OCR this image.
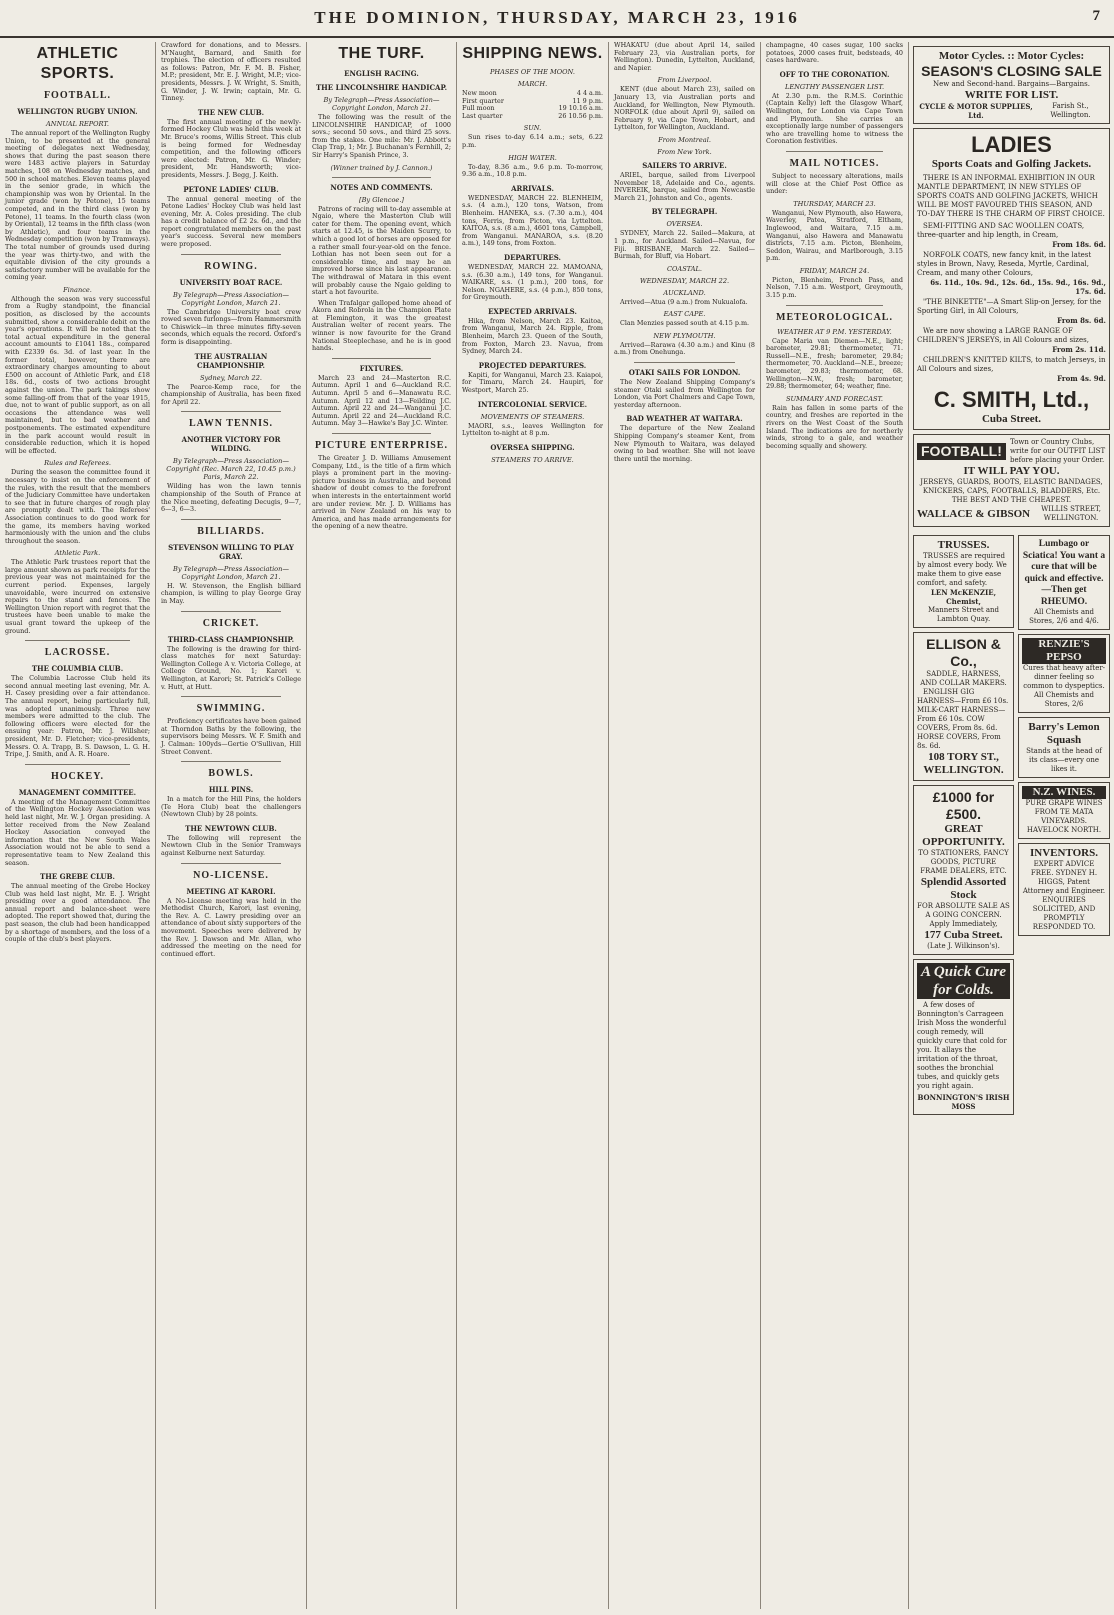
THE DOMINION, THURSDAY, MARCH 23, 1916	7
ATHLETIC SPORTS.
FOOTBALL.
WELLINGTON RUGBY UNION.
ANNUAL REPORT.

The annual report of the Wellington Rugby Union, to be presented at the general meeting of delegates next Wednesday, shows that during the past season there were 1483 active players in Saturday matches, 108 on Wednesday matches, and 500 in school matches. Eleven teams played in the senior grade, in which the championship was won by Oriental. In the junior grade (won by Petone), 15 teams competed, and in the third class (won by Petone), 11 teams. In the fourth class (won by Oriental), 12 teams in the fifth class (won by Athletic), and four teams in the Wednesday competition (won by Tramways). The total number of grounds used during the year was thirty-two, and with the equitable division of the city grounds a satisfactory number will be available for the coming year.

Finance.

Although the season was very successful from a Rugby standpoint, the financial position, as disclosed by the accounts submitted, show a considerable debit on the year's operations. It will be noted that the total actual expenditure in the general account amounts to £1041 18s., compared with £2339 6s. 3d. of last year. In the former total, however, there are extraordinary charges amounting to about £500 on account of Athletic Park, and £18 18s. 6d., costs of two actions brought against the union. The park takings show some falling-off from that of the year 1915, due, not to want of public support, as on all occasions the attendance was well maintained, but to bad weather and postponements. The estimated expenditure in the park account would result in considerable reduction, which it is hoped will be effected.

Rules and Referees.

During the season the committee found it necessary to insist on the enforcement of the rules, with the result that the members of the Judiciary Committee have undertaken to see that in future charges of rough play are promptly dealt with. The Referees' Association continues to do good work for the game, its members having worked harmoniously with the union and the clubs throughout the season.

Athletic Park.

The Athletic Park trustees report that the large amount shown as park receipts for the previous year was not maintained for the current period. Expenses, largely unavoidable, were incurred on extensive repairs to the stand and fences. The Wellington Union report with regret that the trustees have been unable to make the usual grant toward the upkeep of the ground.

LACROSSE.
THE COLUMBIA CLUB.

The Columbia Lacrosse Club held its second annual meeting last evening, Mr. A. H. Casey presiding over a fair attendance. The annual report, being particularly full, was adopted unanimously. Three new members were admitted to the club. The following officers were elected for the ensuing year: Patron, Mr. J. Willsher; president, Mr. D. Fletcher; vice-presidents, Messrs. O. A. Trapp, B. S. Dawson, L. G. H. Tripe, J. Smith, and A. R. Hoare.

HOCKEY.
MANAGEMENT COMMITTEE.

A meeting of the Management Committee of the Wellington Hockey Association was held last night, Mr. W. J. Organ presiding. A letter received from the New Zealand Hockey Association conveyed the information that the New South Wales Association would not be able to send a representative team to New Zealand this season.

THE GREBE CLUB.

The annual meeting of the Grebe Hockey Club was held last night, Mr. E. J. Wright presiding over a good attendance. The annual report and balance-sheet were adopted. The report showed that, during the past season, the club had been handicapped by a shortage of members, and the loss of a couple of the club's best players.

Crawford for donations, and to Messrs. M'Naught, Barnard, and Smith for trophies. The election of officers resulted as follows: Patron, Mr. F. M. B. Fisher, M.P.; president, Mr. E. J. Wright, M.P.; vice-presidents, Messrs. J. W. Wright, S. Smith, G. Winder, J. W. Irwin; captain, Mr. G. Tinney.

THE NEW CLUB.

The first annual meeting of the newly-formed Hockey Club was held this week at Mr. Bruce's rooms, Willis Street. This club is being formed for Wednesday competition, and the following officers were elected: Patron, Mr. G. Winder; president, Mr. Handsworth; vice-presidents, Messrs. J. Begg, J. Keith.

PETONE LADIES' CLUB.

The annual general meeting of the Petone Ladies' Hockey Club was held last evening, Mr. A. Coles presiding. The club has a credit balance of £2 2s. 6d., and the report congratulated members on the past year's success. Several new members were proposed.

ROWING.
UNIVERSITY BOAT RACE.
By Telegraph—Press Association—Copyright London, March 21.

The Cambridge University boat crew rowed seven furlongs—from Hammersmith to Chiswick—in three minutes fifty-seven seconds, which equals the record. Oxford's form is disappointing.

THE AUSTRALIAN CHAMPIONSHIP.
Sydney, March 22.

The Pearce-Kemp race, for the championship of Australia, has been fixed for April 22.

LAWN TENNIS.
ANOTHER VICTORY FOR WILDING.
By Telegraph—Press Association—Copyright (Rec. March 22, 10.45 p.m.) Paris, March 22.

Wilding has won the lawn tennis championship of the South of France at the Nice meeting, defeating Decugis, 9—7, 6—3, 6—3.

BILLIARDS.
STEVENSON WILLING TO PLAY GRAY.
By Telegraph—Press Association—Copyright London, March 21.

H. W. Stevenson, the English billiard champion, is willing to play George Gray in May.

CRICKET.
THIRD-CLASS CHAMPIONSHIP.

The following is the drawing for third-class matches for next Saturday: Wellington College A v. Victoria College, at College Ground, No. 1; Karori v. Wellington, at Karori; St. Patrick's College v. Hutt, at Hutt.

SWIMMING.

Proficiency certificates have been gained at Thorndon Baths by the following, the supervisors being Messrs. W. F. Smith and J. Calman: 100yds—Gertie O'Sullivan, Hill Street Convent.

BOWLS.
HILL PINS.

In a match for the Hill Pins, the holders (Te Hora Club) beat the challengers (Newtown Club) by 28 points.

THE NEWTOWN CLUB.

The following will represent the Newtown Club in the Senior Tramways against Kelburne next Saturday.

NO-LICENSE.
MEETING AT KARORI.

A No-License meeting was held in the Methodist Church, Karori, last evening, the Rev. A. C. Lawry presiding over an attendance of about sixty supporters of the movement. Speeches were delivered by the Rev. J. Dawson and Mr. Allan, who addressed the meeting on the need for continued effort.

THE TURF.
ENGLISH RACING.
THE LINCOLNSHIRE HANDICAP.
By Telegraph—Press Association—Copyright London, March 21.

The following was the result of the LINCOLNSHIRE HANDICAP, of 1000 sovs.; second 50 sovs., and third 25 sovs. from the stakes. One mile: Mr. J. Abbott's Clap Trap, 1; Mr. J. Buchanan's Fernhill, 2; Sir Harry's Spanish Prince, 3.

(Winner trained by J. Cannon.)
NOTES AND COMMENTS.
[By Glencoe.]

Patrons of racing will to-day assemble at Ngaio, where the Masterton Club will cater for them. The opening event, which starts at 12.45, is the Maiden Scurry, to which a good lot of horses are opposed for a rather small four-year-old on the fence. Lothian has not been seen out for a considerable time, and may be an improved horse since his last appearance. The withdrawal of Matara in this event will probably cause the Ngaio gelding to start a hot favourite.

When Trafalgar galloped home ahead of Akora and Robrola in the Champion Plate at Flemington, it was the greatest Australian welter of recent years. The winner is now favourite for the Grand National Steeplechase, and he is in good hands.

FIXTURES.

March 23 and 24—Masterton R.C. Autumn. April 1 and 6—Auckland R.C. Autumn. April 5 and 6—Manawatu R.C. Autumn. April 12 and 13—Feilding J.C. Autumn. April 22 and 24—Wanganui J.C. Autumn. April 22 and 24—Auckland R.C. Autumn. May 3—Hawke's Bay J.C. Winter.

PICTURE ENTERPRISE.

The Greater J. D. Williams Amusement Company, Ltd., is the title of a firm which plays a prominent part in the moving-picture business in Australia, and beyond shadow of doubt comes to the forefront when interests in the entertainment world are under review. Mr. J. D. Williams has arrived in New Zealand on his way to America, and has made arrangements for the opening of a new theatre.

SHIPPING NEWS.
PHASES OF THE MOON.
MARCH.
New moon	4 4 a.m.
First quarter	11 9 p.m.
Full moon	19 10.16 a.m.
Last quarter	26 10.56 p.m.
SUN.

Sun rises to-day 6.14 a.m.; sets, 6.22 p.m.

HIGH WATER.

To-day, 8.36 a.m., 9.6 p.m. To-morrow, 9.36 a.m., 10.8 p.m.

ARRIVALS.

WEDNESDAY, MARCH 22. BLENHEIM, s.s. (4 a.m.), 120 tons, Watson, from Blenheim. HANEKA, s.s. (7.30 a.m.), 404 tons, Ferris, from Picton, via Lyttelton. KAITOA, s.s. (8 a.m.), 4601 tons, Campbell, from Wanganui. MANAROA, s.s. (8.20 a.m.), 149 tons, from Foxton.

DEPARTURES.

WEDNESDAY, MARCH 22. MAMOANA, s.s. (6.30 a.m.), 149 tons, for Wanganui. WAIKARE, s.s. (1 p.m.), 200 tons, for Nelson. NGAHERE, s.s. (4 p.m.), 850 tons, for Greymouth.

EXPECTED ARRIVALS.

Hika, from Nelson, March 23. Kaitoa, from Wanganui, March 24. Ripple, from Blenheim, March 23. Queen of the South, from Foxton, March 23. Navua, from Sydney, March 24.

PROJECTED DEPARTURES.

Kapiti, for Wanganui, March 23. Kaiapoi, for Timaru, March 24. Haupiri, for Westport, March 25.

INTERCOLONIAL SERVICE.
MOVEMENTS OF STEAMERS.

MAORI, s.s., leaves Wellington for Lyttelton to-night at 8 p.m.

OVERSEA SHIPPING.
STEAMERS TO ARRIVE.

WHAKATU (due about April 14, sailed February 23, via Australian ports, for Wellington). Dunedin, Lyttelton, Auckland, and Napier.

From Liverpool.

KENT (due about March 23), sailed on January 13, via Australian ports and Auckland, for Wellington, New Plymouth. NORFOLK (due about April 9), sailed on February 9, via Cape Town, Hobart, and Lyttelton, for Wellington, Auckland.

From Montreal.
From New York.
SAILERS TO ARRIVE.

ARIEL, barque, sailed from Liverpool November 18, Adelaide and Co., agents. INVEREIK, barque, sailed from Newcastle March 21, Johnston and Co., agents.

BY TELEGRAPH.
OVERSEA.

SYDNEY, March 22. Sailed—Makura, at 1 p.m., for Auckland. Sailed—Navua, for Fiji. BRISBANE, March 22. Sailed—Burmah, for Bluff, via Hobart.

COASTAL.
WEDNESDAY, MARCH 22.
AUCKLAND.

Arrived—Atua (9 a.m.) from Nukualofa.

EAST CAPE.

Clan Menzies passed south at 4.15 p.m.

NEW PLYMOUTH.

Arrived—Rarawa (4.30 a.m.) and Kinu (8 a.m.) from Onehunga.

OTAKI SAILS FOR LONDON.

The New Zealand Shipping Company's steamer Otaki sailed from Wellington for London, via Port Chalmers and Cape Town, yesterday afternoon.

BAD WEATHER AT WAITARA.

The departure of the New Zealand Shipping Company's steamer Kent, from New Plymouth to Waitara, was delayed owing to bad weather. She will not leave there until the morning.

champagne, 40 cases sugar, 100 sacks potatoes, 2000 cases fruit, bedsteads, 40 cases hardware.

OFF TO THE CORONATION.
LENGTHY PASSENGER LIST.

At 2.30 p.m. the R.M.S. Corinthic (Captain Kelly) left the Glasgow Wharf, Wellington, for London via Cape Town and Plymouth. She carries an exceptionally large number of passengers who are travelling home to witness the Coronation festivities.

MAIL NOTICES.

Subject to necessary alterations, mails will close at the Chief Post Office as under:

THURSDAY, MARCH 23.

Wanganui, New Plymouth, also Hawera, Waverley, Patea, Stratford, Eltham, Inglewood, and Waitara, 7.15 a.m. Wanganui, also Hawera and Manawatu districts, 7.15 a.m. Picton, Blenheim, Seddon, Wairau, and Marlborough, 3.15 p.m.

FRIDAY, MARCH 24.

Picton, Blenheim, French Pass, and Nelson, 7.15 a.m. Westport, Greymouth, 3.15 p.m.

METEOROLOGICAL.
WEATHER AT 9 P.M. YESTERDAY.

Cape Maria van Diemen—N.E., light; barometer, 29.81; thermometer, 71. Russell—N.E., fresh; barometer, 29.84; thermometer, 70. Auckland—N.E., breeze; barometer, 29.83; thermometer, 68. Wellington—N.W., fresh; barometer, 29.88; thermometer, 64; weather, fine.

SUMMARY AND FORECAST.

Rain has fallen in some parts of the country, and freshes are reported in the rivers on the West Coast of the South Island. The indications are for northerly winds, strong to a gale, and weather becoming squally and showery.

Motor Cycles. :: Motor Cycles:
SEASON'S CLOSING SALE
New and Second-hand. Bargains—Bargains.
WRITE FOR LIST.
CYCLE & MOTOR SUPPLIES, Ltd.
Farish St., Wellington.
LADIES
Sports Coats and Golfing Jackets.

THERE IS AN INFORMAL EXHIBITION IN OUR MANTLE DEPARTMENT, IN NEW STYLES OF SPORTS COATS AND GOLFING JACKETS, WHICH WILL BE MOST FAVOURED THIS SEASON, AND TO-DAY THERE IS THE CHARM OF FIRST CHOICE.

SEMI-FITTING AND SAC WOOLLEN COATS, three-quarter and hip length, in Cream,

From 18s. 6d.

NORFOLK COATS, new fancy knit, in the latest styles in Brown, Navy, Reseda, Myrtle, Cardinal, Cream, and many other Colours,

6s. 11d., 10s. 9d., 12s. 6d., 15s. 9d., 16s. 9d., 17s. 6d.

"THE BINKETTE"—A Smart Slip-on Jersey, for the Sporting Girl, in All Colours,

From 8s. 6d.

We are now showing a LARGE RANGE OF CHILDREN'S JERSEYS, in All Colours and sizes,

From 2s. 11d.

CHILDREN'S KNITTED KILTS, to match Jerseys, in All Colours and sizes,

From 4s. 9d.
C. SMITH, Ltd.,
Cuba Street.
FOOTBALL!
Town or Country Clubs, write for our OUTFIT LIST before placing your Order.
IT WILL PAY YOU.
JERSEYS, GUARDS, BOOTS, ELASTIC BANDAGES, KNICKERS, CAPS, FOOTBALLS, BLADDERS, Etc.
THE BEST AND THE CHEAPEST.
WALLACE & GIBSON	WILLIS STREET, WELLINGTON.
TRUSSES.

TRUSSES are required by almost every body. We make them to give ease comfort, and safety.

LEN McKENZIE, Chemist,
Manners Street and Lambton Quay.
ELLISON & Co.,
SADDLE, HARNESS, AND COLLAR MAKERS.

ENGLISH GIG HARNESS—From £6 10s. MILK-CART HARNESS—From £6 10s. COW COVERS, From 8s. 6d. HORSE COVERS, From 8s. 6d.

108 TORY ST., WELLINGTON.
£1000 for £500.
GREAT OPPORTUNITY.
TO STATIONERS, FANCY GOODS, PICTURE FRAME DEALERS, ETC.
Splendid Assorted Stock
FOR ABSOLUTE SALE AS A GOING CONCERN.
Apply Immediately,
177 Cuba Street.
(Late J. Wilkinson's).
A Quick Cure for Colds.

A few doses of Bonnington's Carrageen Irish Moss the wonderful cough remedy, will quickly cure that cold for you. It allays the irritation of the throat, soothes the bronchial tubes, and quickly gets you right again.

BONNINGTON'S IRISH MOSS
Lumbago or Sciatica! You want a cure that will be quick and effective.—Then get RHEUMO.
All Chemists and Stores, 2/6 and 4/6.
RENZIE'S PEPSO
Cures that heavy after-dinner feeling so common to dyspeptics.
All Chemists and Stores, 2/6
Barry's Lemon Squash
Stands at the head of its class—every one likes it.
N.Z. WINES.
PURE GRAPE WINES FROM TE MATA VINEYARDS. HAVELOCK NORTH.
INVENTORS.
EXPERT ADVICE FREE. SYDNEY H. HIGGS, Patent Attorney and Engineer.
ENQUIRIES SOLICITED, AND PROMPTLY RESPONDED TO.
